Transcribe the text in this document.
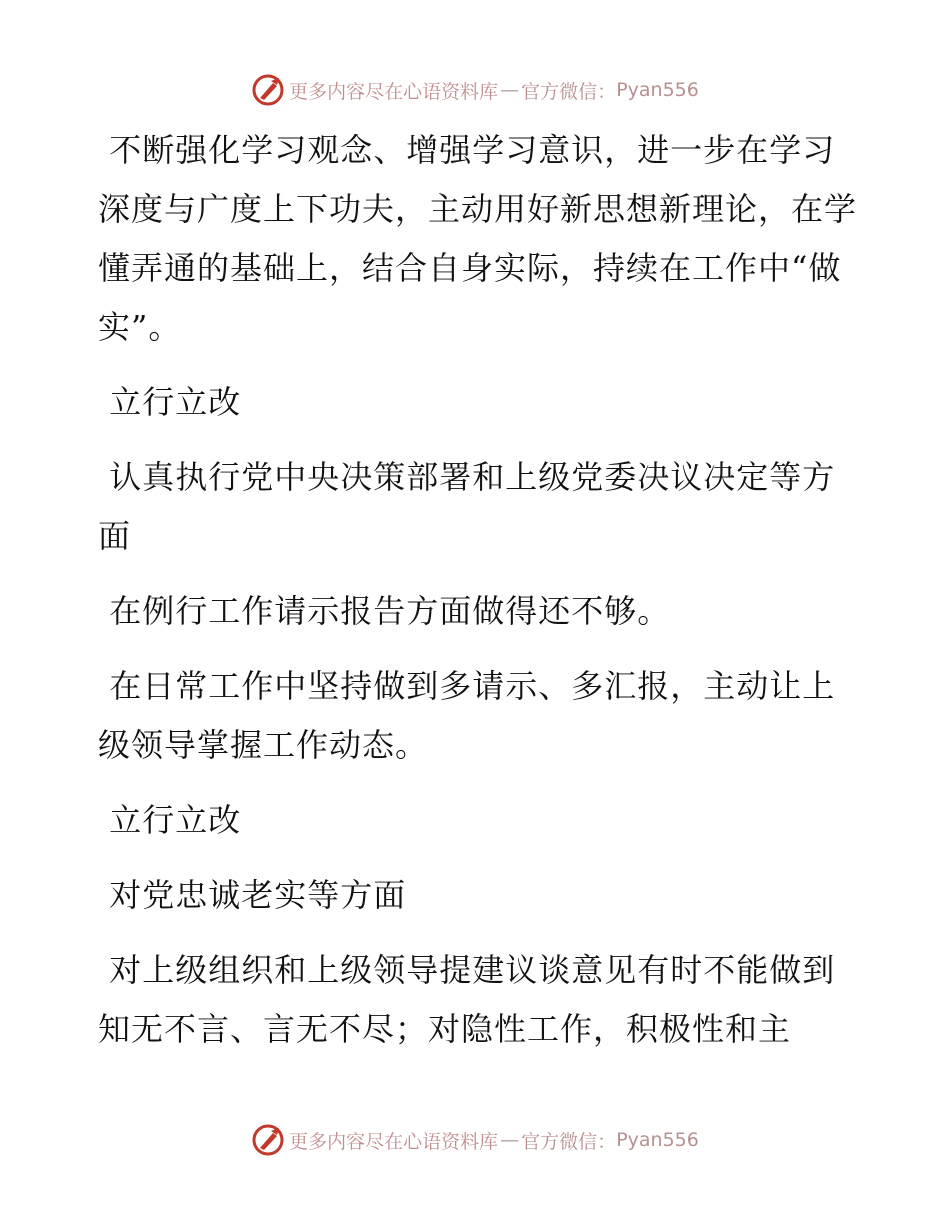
更多内容尽在心语资料库 — 官方微信： Pyan556

不断强化学习观念、增强学习意识，进一步在学习深度与广度上下功夫，主动用好新思想新理论，在学懂弄通的基础上，结合自身实际，持续在工作中“做实”。

立行立改

认真执行党中央决策部署和上级党委决议决定等方面

在例行工作请示报告方面做得还不够。

在日常工作中坚持做到多请示、多汇报，主动让上级领导掌握工作动态。

立行立改

对党忠诚老实等方面

对上级组织和上级领导提建议谈意见有时不能做到知无不言、言无不尽；对隐性工作，积极性和主

更多内容尽在心语资料库 — 官方微信： Pyan556
